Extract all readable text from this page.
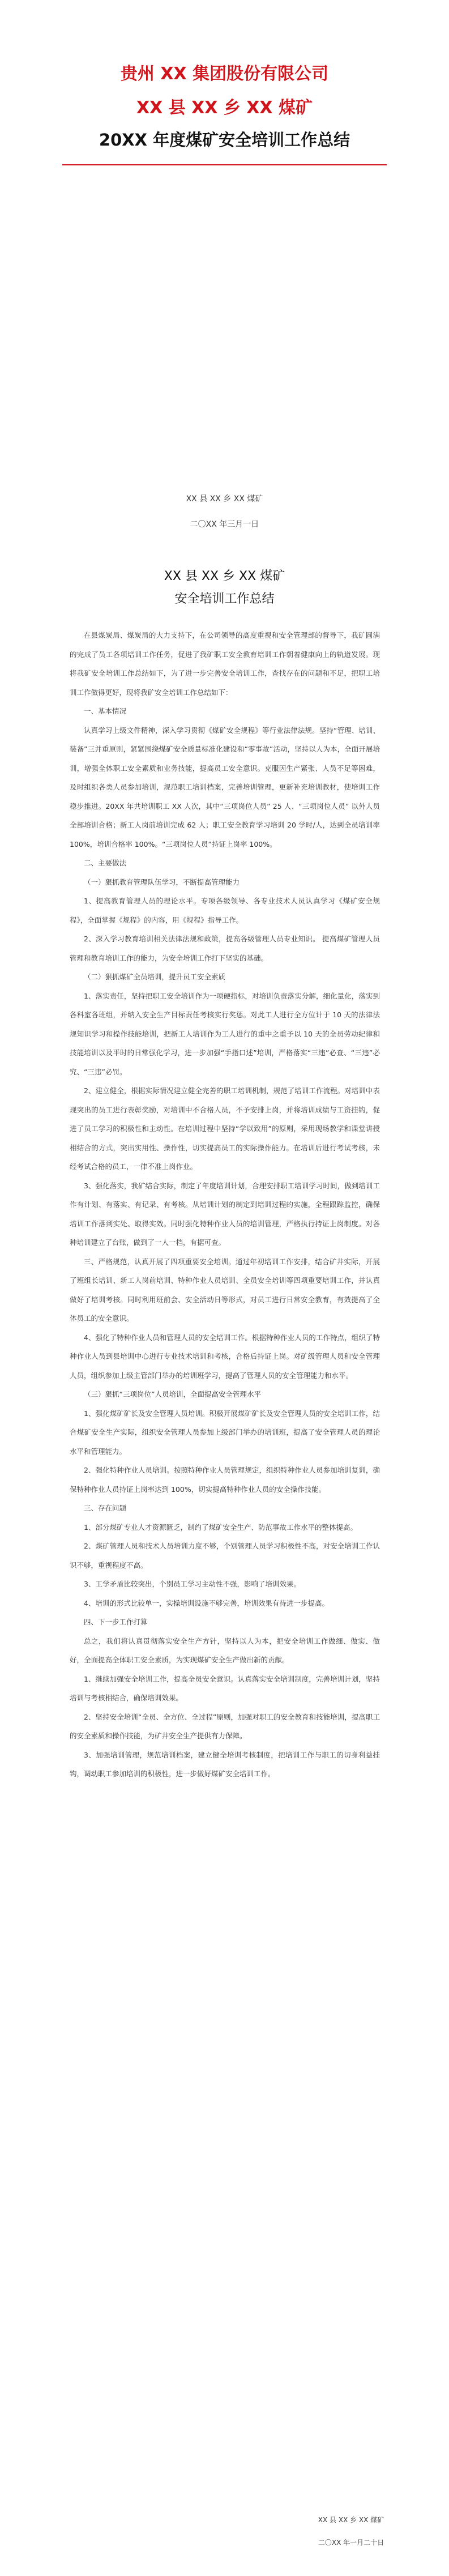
贵州 XX 集团股份有限公司
XX 县 XX 乡 XX 煤矿
20XX 年度煤矿安全培训工作总结
XX 县 XX 乡 XX 煤矿
二〇XX 年三月一日
XX 县 XX 乡 XX 煤矿
安全培训工作总结

在县煤炭局、煤炭局的大力支持下，在公司领导的高度重视和安全管理部的督导下，我矿圆满的完成了员工各项培训工作任务，促进了我矿职工安全教育培训工作朝着健康向上的轨道发展。现将我矿安全培训工作总结如下，为了进一步完善安全培训工作，查找存在的问题和不足，把职工培训工作做得更好，现将我矿安全培训工作总结如下：

一、基本情况

认真学习上级文件精神，深入学习贯彻《煤矿安全规程》等行业法律法规。坚持“管理、培训、装备”三并重原则，紧紧围绕煤矿安全质量标准化建设和“零事故”活动，坚持以人为本，全面开展培训，增强全体职工安全素质和业务技能，提高员工安全意识。克服因生产紧张、人员不足等困难，及时组织各类人员参加培训，规范职工培训档案，完善培训管理，更新补充培训教材，使培训工作稳步推进。20XX 年共培训职工 XX 人次，其中“三项岗位人员” 25 人、“三项岗位人员” 以外人员全部培训合格；新工人岗前培训完成 62 人；职工安全教育学习培训 20 学时/人，达到全员培训率 100%，培训合格率 100%。“三项岗位人员”持证上岗率 100%。

二、主要做法

（一）狠抓教育管理队伍学习，不断提高管理能力

1、提高教育管理人员的理论水平。专项各级领导、各专业技术人员认真学习《煤矿安全规程》，全面掌握《规程》的内容，用《规程》指导工作。

2、深入学习教育培训相关法律法规和政策，提高各级管理人员专业知识。 提高煤矿管理人员管理和教育培训工作的能力，为安全培训工作打下坚实的基础。

（二）狠抓煤矿全员培训，提升员工安全素质

1、落实责任，坚持把职工安全培训作为一项硬指标，对培训负责落实分解，细化量化，落实到各科室各班组，并纳入安全生产目标责任考核实行奖惩。对此工人进行全方位计于 10 天的法律法规知识学习和操作技能培训，把新工人培训作为工人进行的重中之重予以 10 天的全员劳动纪律和技能培训以及平时的日常强化学习，进一步加强“手指口述”培训，严格落实“三违”必查、“三违”必究、“三违”必罚。

2、建立健全，根据实际情况建立健全完善的职工培训机制，规范了培训工作流程。对培训中表现突出的员工进行表彰奖励，对培训中不合格人员，不予安排上岗，并将培训成绩与工资挂钩，促进了员工学习的积极性和主动性。在培训过程中坚持“学以致用”的原则，采用现场教学和课堂讲授相结合的方式，突出实用性、操作性，切实提高员工的实际操作能力。在培训后进行考试考核，未经考试合格的员工，一律不准上岗作业。

3、强化落实，我矿结合实际，制定了年度培训计划，合理安排职工培训学习时间，做到培训工作有计划、有落实、有记录、有考核。从培训计划的制定到培训过程的实施，全程跟踪监控，确保培训工作落到实处、取得实效。同时强化特种作业人员的培训管理，严格执行持证上岗制度。对各种培训建立了台账，做到了一人一档，有据可查。

三、严格规范，认真开展了四项重要安全培训。通过年初培训工作安排，结合矿井实际，开展了班组长培训、新工人岗前培训、特种作业人员培训、全员安全培训等四项重要培训工作，并认真做好了培训考核。同时利用班前会、安全活动日等形式，对员工进行日常安全教育，有效提高了全体员工的安全意识。

4、强化了特种作业人员和管理人员的安全培训工作。根据特种作业人员的工作特点，组织了特种作业人员到县培训中心进行专业技术培训和考核，合格后持证上岗。对矿级管理人员和安全管理人员，组织参加上级主管部门举办的培训班学习，提高了管理人员的安全管理能力和水平。

（三）狠抓“三项岗位”人员培训，全面提高安全管理水平

1、强化煤矿矿长及安全管理人员培训。积极开展煤矿矿长及安全管理人员的安全培训工作，结合煤矿安全生产实际，组织安全管理人员参加上级部门举办的培训班，提高了安全管理人员的理论水平和管理能力。

2、强化特种作业人员培训。按照特种作业人员管理规定，组织特种作业人员参加培训复训，确保特种作业人员持证上岗率达到 100%，切实提高特种作业人员的安全操作技能。

三、存在问题

1、部分煤矿专业人才资源匮乏，制约了煤矿安全生产、防范事故工作水平的整体提高。

2、煤矿管理人员和技术人员培训力度不够，个别管理人员学习积极性不高，对安全培训工作认识不够，重视程度不高。

3、工学矛盾比较突出，个别员工学习主动性不强，影响了培训效果。

4、培训的形式比较单一，实操培训设施不够完善，培训效果有待进一步提高。

四、下一步工作打算

总之，我们将认真贯彻落实安全生产方针，坚持以人为本，把安全培训工作做细、做实、做好，全面提高全体职工安全素质，为实现煤矿安全生产做出新的贡献。

1、继续加强安全培训工作，提高全员安全意识。认真落实安全培训制度，完善培训计划，坚持培训与考核相结合，确保培训效果。

2、坚持安全培训“全员、全方位、全过程”原则，加强对职工的安全教育和技能培训，提高职工的安全素质和操作技能，为矿井安全生产提供有力保障。

3、加强培训管理，规范培训档案，建立健全培训考核制度，把培训工作与职工的切身利益挂钩，调动职工参加培训的积极性，进一步做好煤矿安全培训工作。

XX 县 XX 乡 XX 煤矿
二〇XX 年一月二十日
